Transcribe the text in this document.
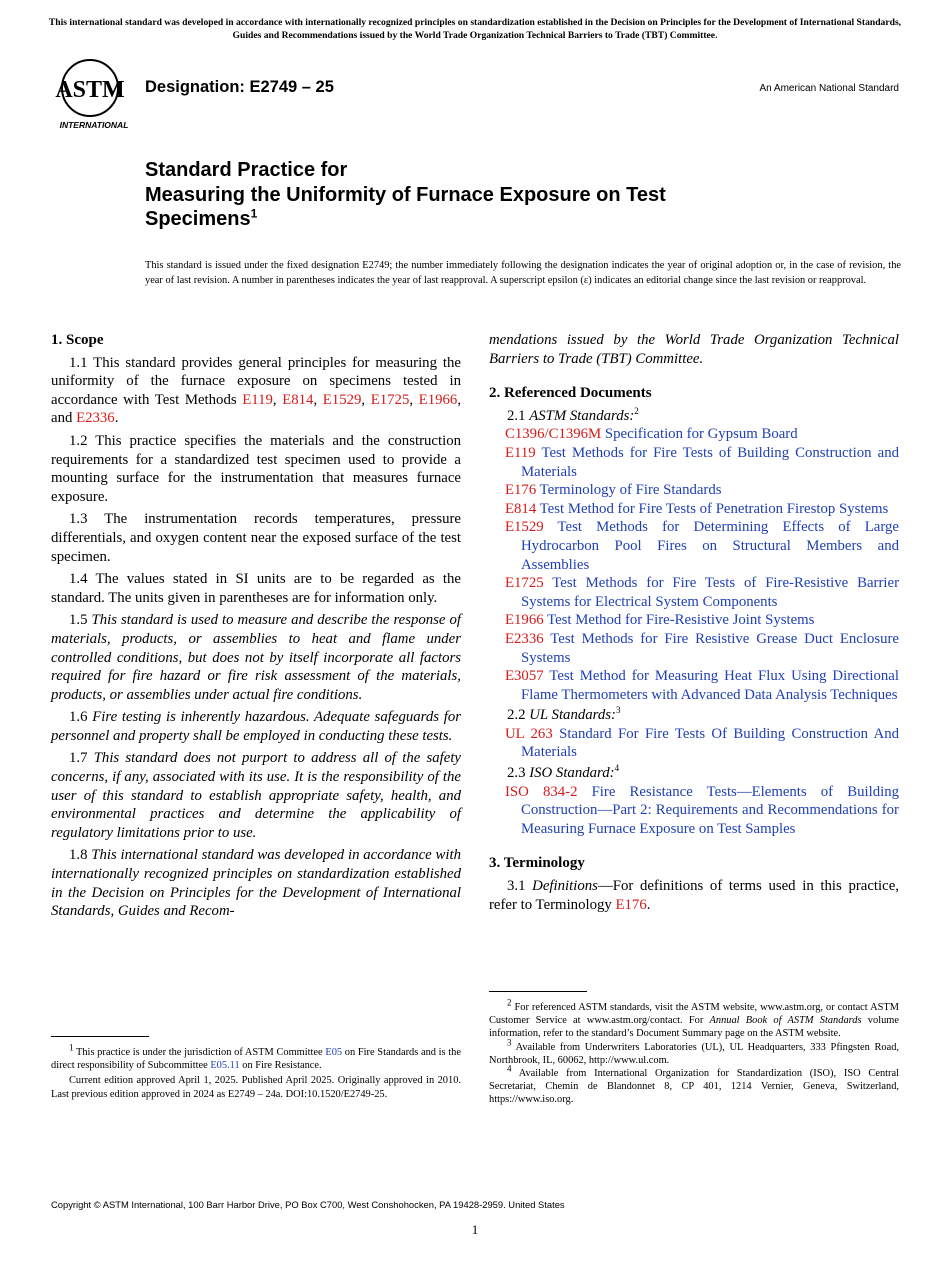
This international standard was developed in accordance with internationally recognized principles on standardization established in the Decision on Principles for the Development of International Standards, Guides and Recommendations issued by the World Trade Organization Technical Barriers to Trade (TBT) Committee.
ASTM
INTERNATIONAL
Designation: E2749 – 25	An American National Standard
Standard Practice for
Measuring the Uniformity of Furnace Exposure on Test
Specimens$^1$
This standard is issued under the fixed designation E2749; the number immediately following the designation indicates the year of original adoption or, in the case of revision, the year of last revision. A number in parentheses indicates the year of last reapproval. A superscript epsilon (ε) indicates an editorial change since the last revision or reapproval.
1. Scope
1.1 This standard provides general principles for measuring the uniformity of the furnace exposure on specimens tested in accordance with Test Methods E119, E814, E1529, E1725, E1966, and E2336.
1.2 This practice specifies the materials and the construction requirements for a standardized test specimen used to provide a mounting surface for the instrumentation that measures furnace exposure.
1.3 The instrumentation records temperatures, pressure differentials, and oxygen content near the exposed surface of the test specimen.
1.4 The values stated in SI units are to be regarded as the standard. The units given in parentheses are for information only.
1.5 This standard is used to measure and describe the response of materials, products, or assemblies to heat and flame under controlled conditions, but does not by itself incorporate all factors required for fire hazard or fire risk assessment of the materials, products, or assemblies under actual fire conditions.
1.6 Fire testing is inherently hazardous. Adequate safeguards for personnel and property shall be employed in conducting these tests.
1.7 This standard does not purport to address all of the safety concerns, if any, associated with its use. It is the responsibility of the user of this standard to establish appropriate safety, health, and environmental practices and determine the applicability of regulatory limitations prior to use.
1.8 This international standard was developed in accordance with internationally recognized principles on standardization established in the Decision on Principles for the Development of International Standards, Guides and Recom-
$^1$ This practice is under the jurisdiction of ASTM Committee E05 on Fire Standards and is the direct responsibility of Subcommittee E05.11 on Fire Resistance.
Current edition approved April 1, 2025. Published April 2025. Originally approved in 2010. Last previous edition approved in 2024 as E2749 – 24a. DOI:10.1520/E2749-25.
mendations issued by the World Trade Organization Technical Barriers to Trade (TBT) Committee.
2. Referenced Documents
2.1 ASTM Standards:$^2$
C1396/C1396M Specification for Gypsum Board
E119 Test Methods for Fire Tests of Building Construction and Materials
E176 Terminology of Fire Standards
E814 Test Method for Fire Tests of Penetration Firestop Systems
E1529 Test Methods for Determining Effects of Large Hydrocarbon Pool Fires on Structural Members and Assemblies
E1725 Test Methods for Fire Tests of Fire-Resistive Barrier Systems for Electrical System Components
E1966 Test Method for Fire-Resistive Joint Systems
E2336 Test Methods for Fire Resistive Grease Duct Enclosure Systems
E3057 Test Method for Measuring Heat Flux Using Directional Flame Thermometers with Advanced Data Analysis Techniques
2.2 UL Standards:$^3$
UL 263 Standard For Fire Tests Of Building Construction And Materials
2.3 ISO Standard:$^4$
ISO 834-2 Fire Resistance Tests—Elements of Building Construction—Part 2: Requirements and Recommendations for Measuring Furnace Exposure on Test Samples
3. Terminology
3.1 Definitions—For definitions of terms used in this practice, refer to Terminology E176.
$^2$ For referenced ASTM standards, visit the ASTM website, www.astm.org, or contact ASTM Customer Service at www.astm.org/contact. For Annual Book of ASTM Standards volume information, refer to the standard’s Document Summary page on the ASTM website.
$^3$ Available from Underwriters Laboratories (UL), UL Headquarters, 333 Pfingsten Road, Northbrook, IL, 60062, http://www.ul.com.
$^4$ Available from International Organization for Standardization (ISO), ISO Central Secretariat, Chemin de Blandonnet 8, CP 401, 1214 Vernier, Geneva, Switzerland, https://www.iso.org.
Copyright © ASTM International, 100 Barr Harbor Drive, PO Box C700, West Conshohocken, PA 19428-2959. United States
1
